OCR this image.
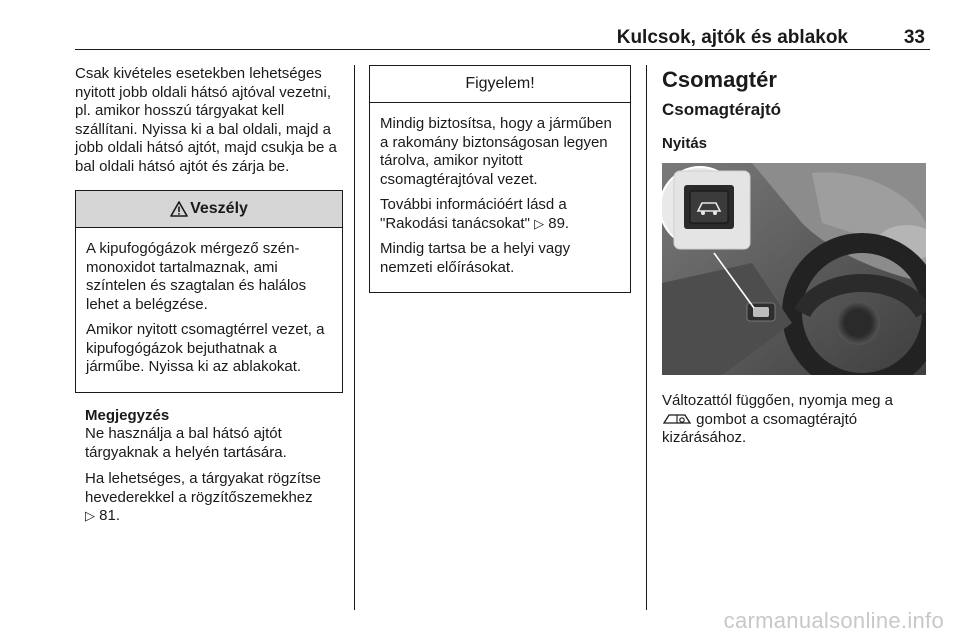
Kulcsok, ajtók és ablakok	33

Csak kivételes esetekben lehetséges nyitott jobb oldali hátsó ajtóval vezetni, pl. amikor hosszú tárgyakat kell szállítani. Nyissa ki a bal oldali, majd a jobb oldali hátsó ajtót, majd csukja be a bal oldali hátsó ajtót és zárja be.

Veszély

A kipufogógázok mérgező szén-monoxidot tartalmaznak, ami színtelen és szagtalan és halálos lehet a belégzése.

Amikor nyitott csomagtérrel vezet, a kipufogógázok bejuthatnak a járműbe. Nyissa ki az ablakokat.

Megjegyzés

Ne használja a bal hátsó ajtót tárgyaknak a helyén tartására.

Ha lehetséges, a tárgyakat rögzítse hevederekkel a rögzítőszemekhez
▷ 81.

Figyelem!

Mindig biztosítsa, hogy a járműben a rakomány biztonságosan legyen tárolva, amikor nyitott csomagtérajtóval vezet.

További információért lásd a "Rakodási tanácsokat" ▷ 89.

Mindig tartsa be a helyi vagy nemzeti előírásokat.

Csomagtér
Csomagtérajtó
Nyitás

Változattól függően, nyomja meg a
gombot a csomagtérajtó kizárásához.

carmanualsonline.info
